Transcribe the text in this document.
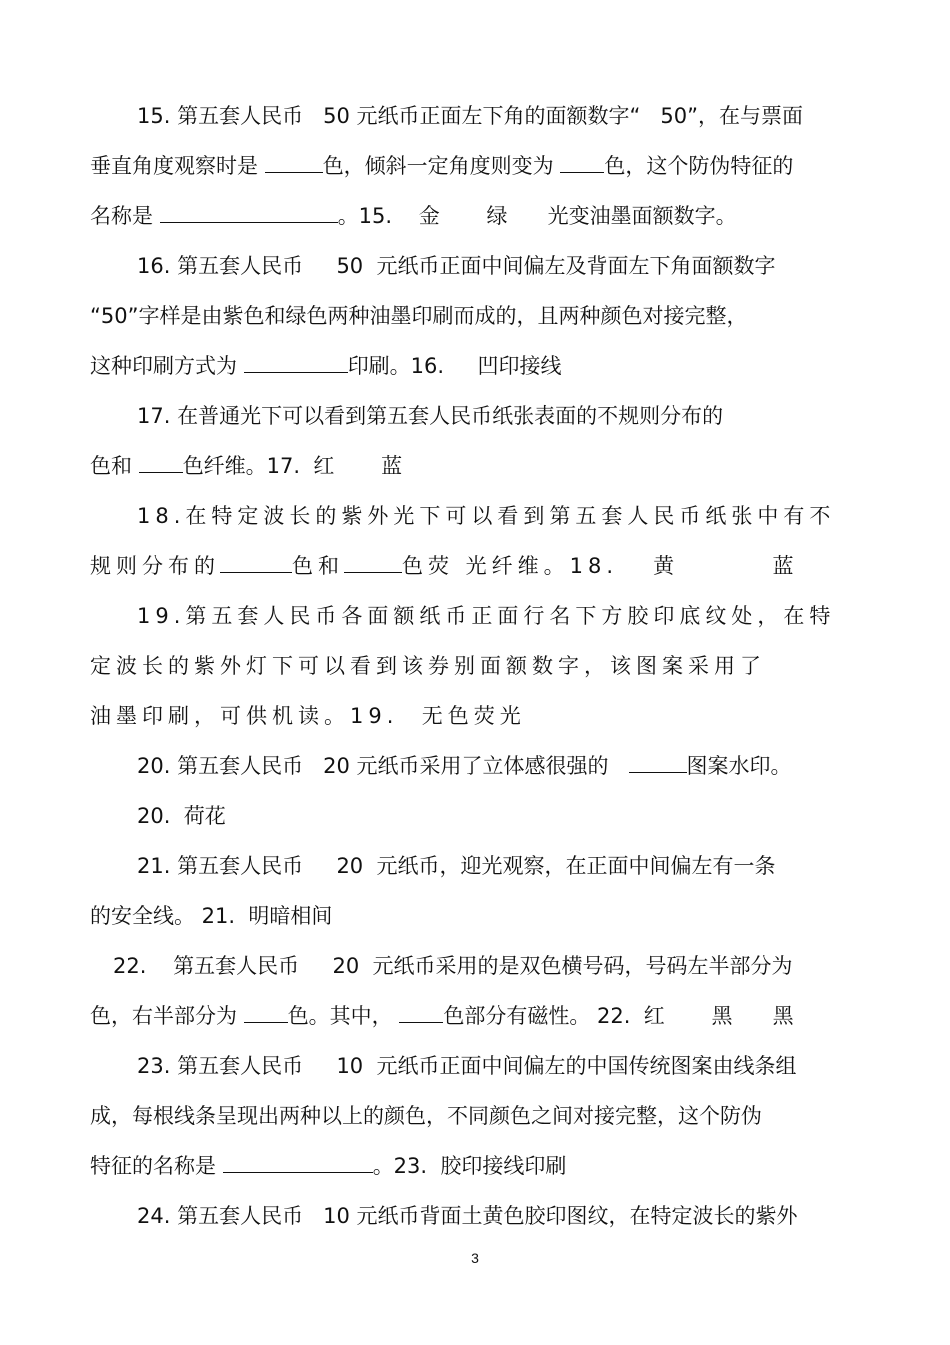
15. 第五套人民币   50 元纸币正面左下角的面额数字“   50”，在与票面

垂直角度观察时是	色，倾斜一定角度则变为 色，这个防伪特征的

名称是	。15.    金       绿      光变油墨面额数字。

16. 第五套人民币     50  元纸币正面中间偏左及背面左下角面额数字

“50”字样是由紫色和绿色两种油墨印刷而成的，且两种颜色对接完整，

这种印刷方式为	印刷。16.     凹印接线

17. 在普通光下可以看到第五套人民币纸张表面的不规则分布的

色和 色纤维。17.  红       蓝

18.在特定波长的紫外光下可以看到第五套人民币纸张中有不

规则分布的	色和	色荧 光纤维。18.   黄        蓝

19.第五套人民币各面额纸币正面行名下方胶印底纹处，在特

定波长的紫外灯下可以看到该券别面额数字，该图案采用了

油墨印刷，可供机读。19.  无色荧光

20. 第五套人民币   20 元纸币采用了立体感很强的	图案水印。

20.  荷花

21. 第五套人民币     20  元纸币，迎光观察，在正面中间偏左有一条

的安全线。 21.  明暗相间

22.    第五套人民币     20  元纸币采用的是双色横号码，号码左半部分为

色，右半部分为 色。其中， 色部分有磁性。 22.  红       黑      黑

23. 第五套人民币     10  元纸币正面中间偏左的中国传统图案由线条组

成，每根线条呈现出两种以上的颜色，不同颜色之间对接完整，这个防伪

特征的名称是	。23.  胶印接线印刷

24. 第五套人民币   10 元纸币背面土黄色胶印图纹，在特定波长的紫外

3
